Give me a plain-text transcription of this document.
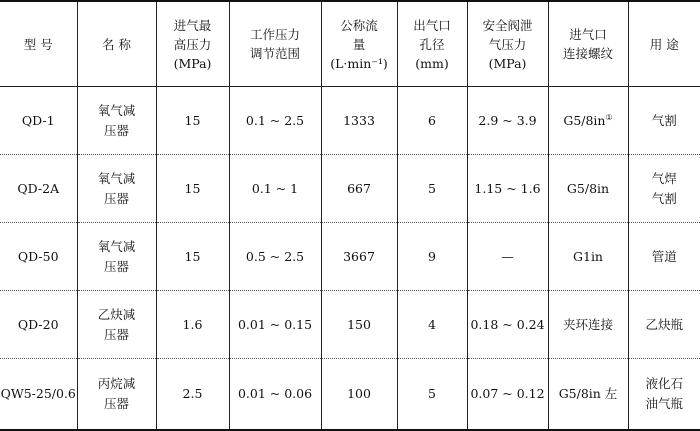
型 号	名 称	进气最
高压力
(MPa)	工作压力
调节范围	公称流
量
(L·min⁻¹)	出气口
孔径
(mm)	安全阀泄
气压力
(MPa)	进气口
连接螺纹	用 途

QD-1	氧气减
压器	15	0.1 ~ 2.5	1333	6	2.9 ~ 3.9	G5/8in①	气割

QD-2A	氧气减
压器	15	0.1 ~ 1	667	5	1.15 ~ 1.6	G5/8in	气焊
气割

QD-50	氧气减
压器	15	0.5 ~ 2.5	3667	9	—	G1in	管道

QD-20	乙炔减
压器	1.6	0.01 ~ 0.15	150	4	0.18 ~ 0.24	夹环连接	乙炔瓶

QW5-25/0.6	丙烷减
压器	2.5	0.01 ~ 0.06	100	5	0.07 ~ 0.12	G5/8in 左	液化石
油气瓶
